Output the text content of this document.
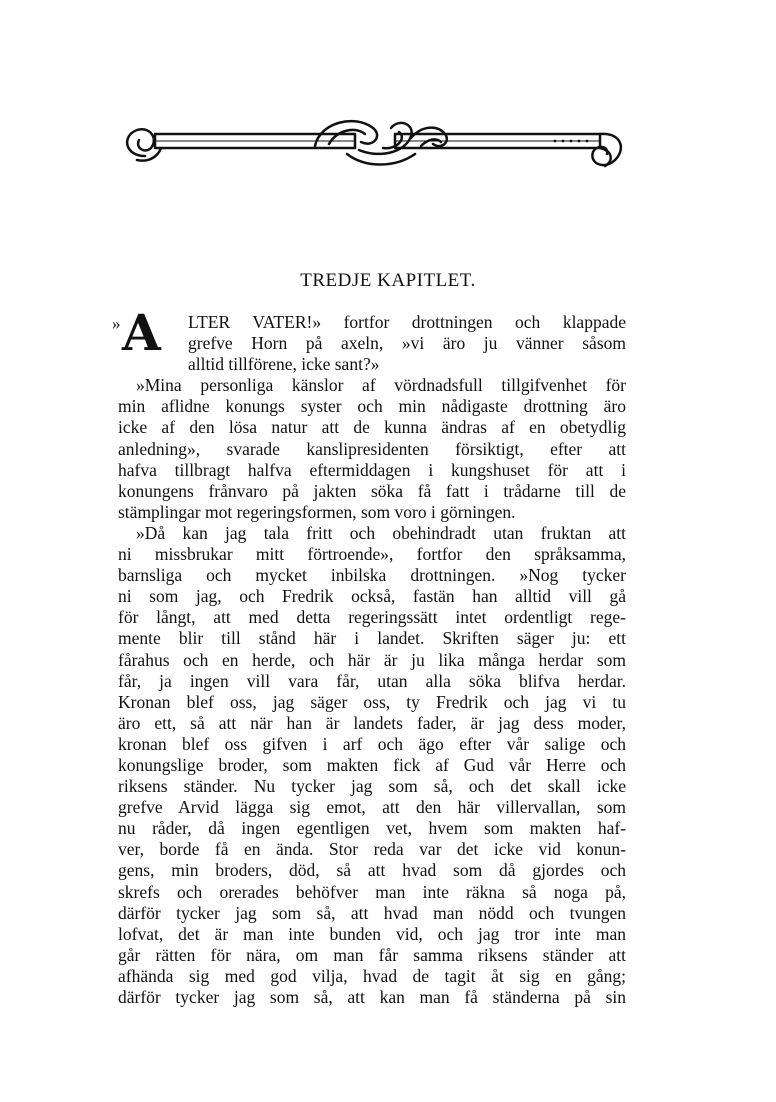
TREDJE KAPITLET.
» A	LTER VATER!» fortfor drottningen och klappade
grefve Horn på axeln, »vi äro ju vänner såsom
alltid tillförene, icke sant?»
»Mina personliga känslor af vördnadsfull tillgifvenhet för
min aflidne konungs syster och min nådigaste drottning äro
icke af den lösa natur att de kunna ändras af en obetydlig
anledning», svarade kanslipresidenten försiktigt, efter att
hafva tillbragt halfva eftermiddagen i kungshuset för att i
konungens frånvaro på jakten söka få fatt i trådarne till de
stämplingar mot regeringsformen, som voro i görningen.
»Då kan jag tala fritt och obehindradt utan fruktan att
ni missbrukar mitt förtroende», fortfor den språksamma,
barnsliga och mycket inbilska drottningen. »Nog tycker
ni som jag, och Fredrik också, fastän han alltid vill gå
för långt, att med detta regeringssätt intet ordentligt rege-
mente blir till stånd här i landet. Skriften säger ju: ett
fårahus och en herde, och här är ju lika många herdar som
får, ja ingen vill vara får, utan alla söka blifva herdar.
Kronan blef oss, jag säger oss, ty Fredrik och jag vi tu
äro ett, så att när han är landets fader, är jag dess moder,
kronan blef oss gifven i arf och ägo efter vår salige och
konungslige broder, som makten fick af Gud vår Herre och
riksens ständer. Nu tycker jag som så, och det skall icke
grefve Arvid lägga sig emot, att den här villervallan, som
nu råder, då ingen egentligen vet, hvem som makten haf-
ver, borde få en ända. Stor reda var det icke vid konun-
gens, min broders, död, så att hvad som då gjordes och
skrefs och orerades behöfver man inte räkna så noga på,
därför tycker jag som så, att hvad man nödd och tvungen
lofvat, det är man inte bunden vid, och jag tror inte man
går rätten för nära, om man får samma riksens ständer att
afhända sig med god vilja, hvad de tagit åt sig en gång;
därför tycker jag som så, att kan man få ständerna på sin
